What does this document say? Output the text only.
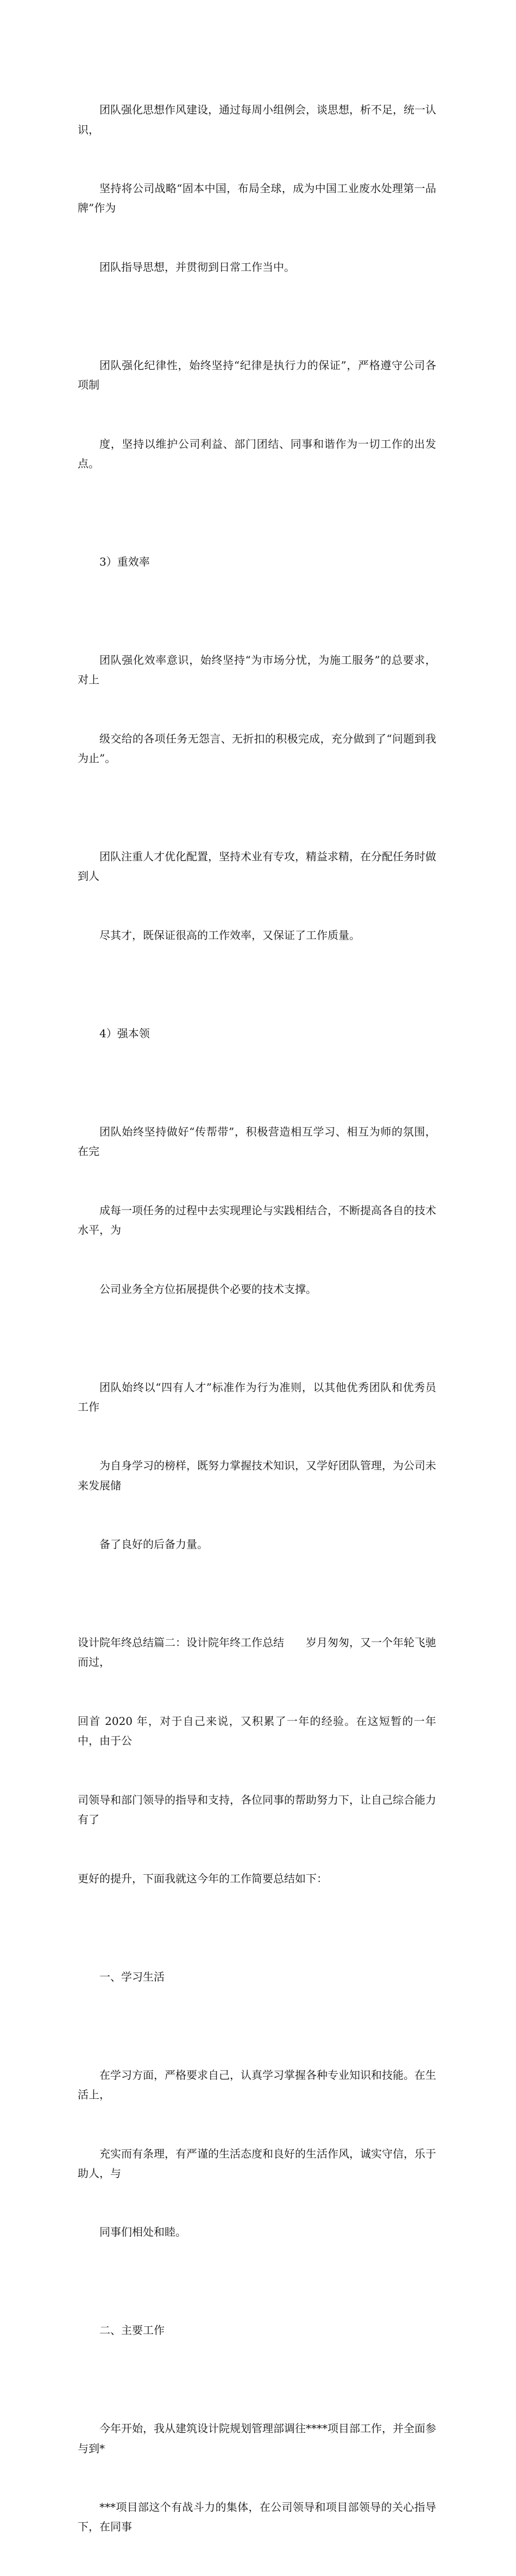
团队强化思想作风建设，通过每周小组例会，谈思想，析不足，统一认识，

坚持将公司战略“固本中国，布局全球，成为中国工业废水处理第一品牌”作为

团队指导思想，并贯彻到日常工作当中。

团队强化纪律性，始终坚持“纪律是执行力的保证”，严格遵守公司各项制

度，坚持以维护公司利益、部门团结、同事和谐作为一切工作的出发点。

3）重效率

团队强化效率意识，始终坚持“为市场分忧，为施工服务”的总要求，对上

级交给的各项任务无怨言、无折扣的积极完成，充分做到了“问题到我为止”。

团队注重人才优化配置，坚持术业有专攻，精益求精，在分配任务时做到人

尽其才，既保证很高的工作效率，又保证了工作质量。

4）强本领

团队始终坚持做好“传帮带”，积极营造相互学习、相互为师的氛围，在完

成每一项任务的过程中去实现理论与实践相结合，不断提高各自的技术水平，为

公司业务全方位拓展提供个必要的技术支撑。

团队始终以“四有人才”标准作为行为准则，以其他优秀团队和优秀员工作

为自身学习的榜样，既努力掌握技术知识，又学好团队管理，为公司未来发展储

备了良好的后备力量。

设计院年终总结篇二：设计院年终工作总结　　岁月匆匆，又一个年轮飞驰而过，

回首 2020 年，对于自己来说，又积累了一年的经验。在这短暂的一年中，由于公

司领导和部门领导的指导和支持，各位同事的帮助努力下，让自己综合能力有了

更好的提升，下面我就这今年的工作简要总结如下：

一、学习生活

在学习方面，严格要求自己，认真学习掌握各种专业知识和技能。在生活上，

充实而有条理，有严谨的生活态度和良好的生活作风，诚实守信，乐于助人，与

同事们相处和睦。

二、主要工作

今年开始，我从建筑设计院规划管理部调往****项目部工作，并全面参与到*

***项目部这个有战斗力的集体，在公司领导和项目部领导的关心指导下，在同事
